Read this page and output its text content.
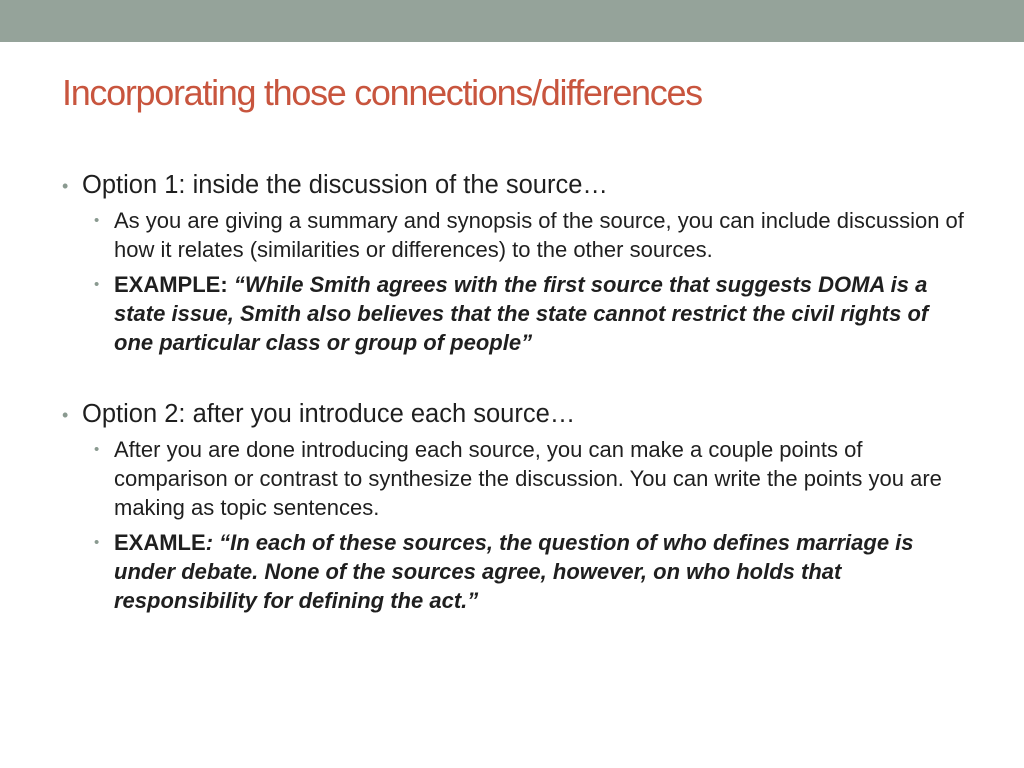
Incorporating those connections/differences
• Option 1: inside the discussion of the source…
• As you are giving a summary and synopsis of the source, you can include discussion of how it relates (similarities or differences) to the other sources.
• EXAMPLE: “While Smith agrees with the first source that suggests DOMA is a state issue, Smith also believes that the state cannot restrict the civil rights of one particular class or group of people”
• Option 2: after you introduce each source…
• After you are done introducing each source, you can make a couple points of comparison or contrast to synthesize the discussion. You can write the points you are making as topic sentences.
• EXAMLE: “In each of these sources, the question of who defines marriage is under debate. None of the sources agree, however, on who holds that responsibility for defining the act.”
